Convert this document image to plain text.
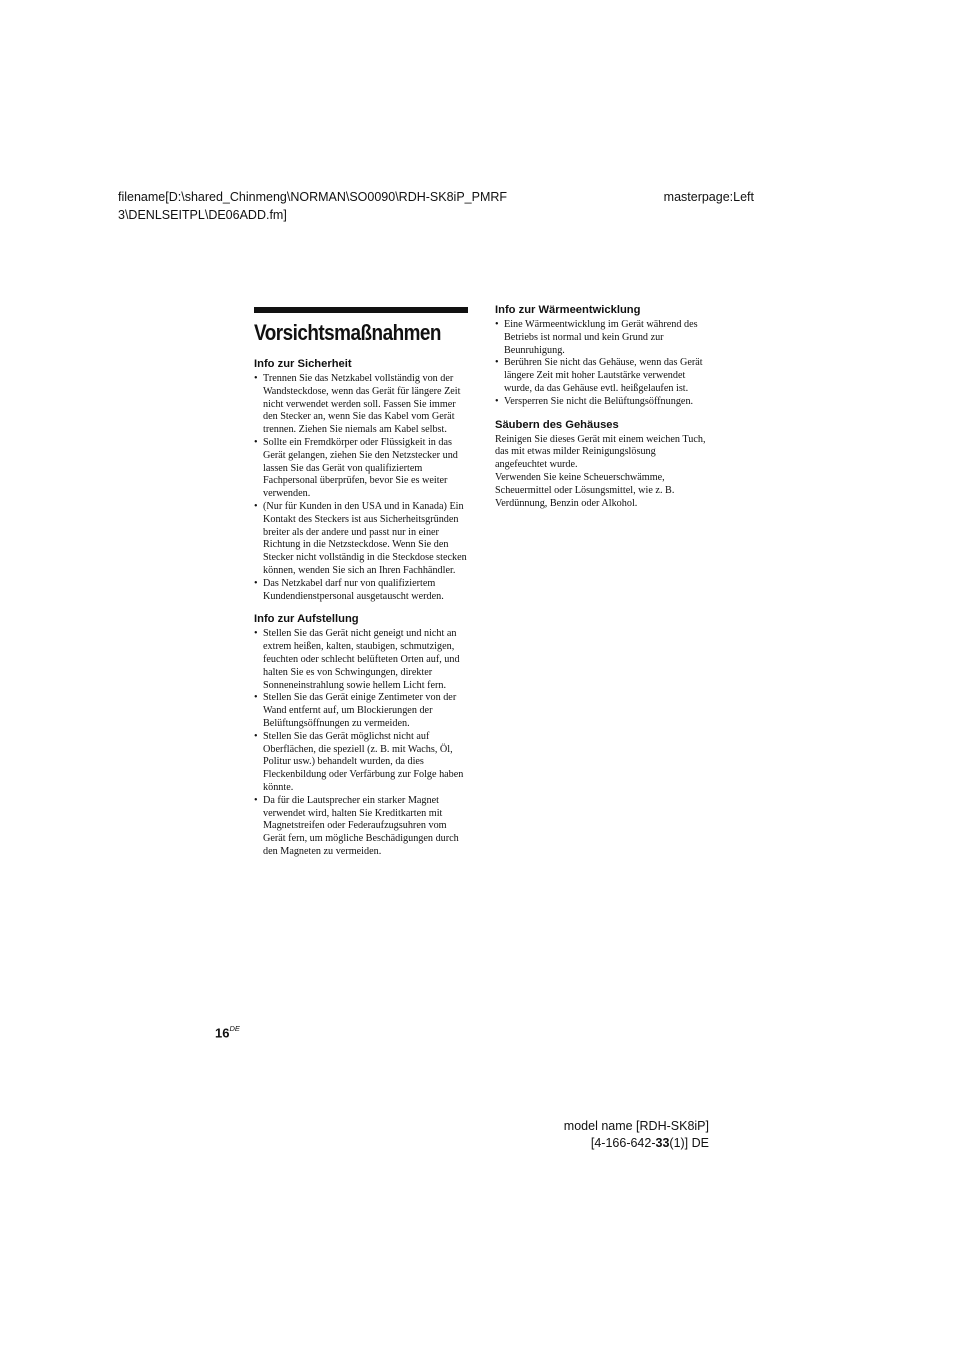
filename[D:\shared_Chinmeng\NORMAN\SO0090\RDH-SK8iP_PMRF
3\DENLSEITPL\DE06ADD.fm]
masterpage:Left
Vorsichtsmaßnahmen
Info zur Sicherheit
• Trennen Sie das Netzkabel vollständig von der Wandsteckdose, wenn das Gerät für längere Zeit nicht verwendet werden soll. Fassen Sie immer den Stecker an, wenn Sie das Kabel vom Gerät trennen. Ziehen Sie niemals am Kabel selbst.
• Sollte ein Fremdkörper oder Flüssigkeit in das Gerät gelangen, ziehen Sie den Netzstecker und lassen Sie das Gerät von qualifiziertem Fachpersonal überprüfen, bevor Sie es weiter verwenden.
• (Nur für Kunden in den USA und in Kanada) Ein Kontakt des Steckers ist aus Sicherheitsgründen breiter als der andere und passt nur in einer Richtung in die Netzsteckdose. Wenn Sie den Stecker nicht vollständig in die Steckdose stecken können, wenden Sie sich an Ihren Fachhändler.
• Das Netzkabel darf nur von qualifiziertem Kundendienstpersonal ausgetauscht werden.
Info zur Aufstellung
• Stellen Sie das Gerät nicht geneigt und nicht an extrem heißen, kalten, staubigen, schmutzigen, feuchten oder schlecht belüfteten Orten auf, und halten Sie es von Schwingungen, direkter Sonneneinstrahlung sowie hellem Licht fern.
• Stellen Sie das Gerät einige Zentimeter von der Wand entfernt auf, um Blockierungen der Belüftungsöffnungen zu vermeiden.
• Stellen Sie das Gerät möglichst nicht auf Oberflächen, die speziell (z. B. mit Wachs, Öl, Politur usw.) behandelt wurden, da dies Fleckenbildung oder Verfärbung zur Folge haben könnte.
• Da für die Lautsprecher ein starker Magnet verwendet wird, halten Sie Kreditkarten mit Magnetstreifen oder Federaufzugsuhren vom Gerät fern, um mögliche Beschädigungen durch den Magneten zu vermeiden.
Info zur Wärmeentwicklung
• Eine Wärmeentwicklung im Gerät während des Betriebs ist normal und kein Grund zur Beunruhigung.
• Berühren Sie nicht das Gehäuse, wenn das Gerät längere Zeit mit hoher Lautstärke verwendet wurde, da das Gehäuse evtl. heißgelaufen ist.
• Versperren Sie nicht die Belüftungsöffnungen.
Säubern des Gehäuses

Reinigen Sie dieses Gerät mit einem weichen Tuch, das mit etwas milder Reinigungslösung angefeuchtet wurde.

Verwenden Sie keine Scheuerschwämme, Scheuermittel oder Lösungsmittel, wie z. B. Verdünnung, Benzin oder Alkohol.

16DE
model name [RDH-SK8iP]
[4-166-642-33(1)] DE
